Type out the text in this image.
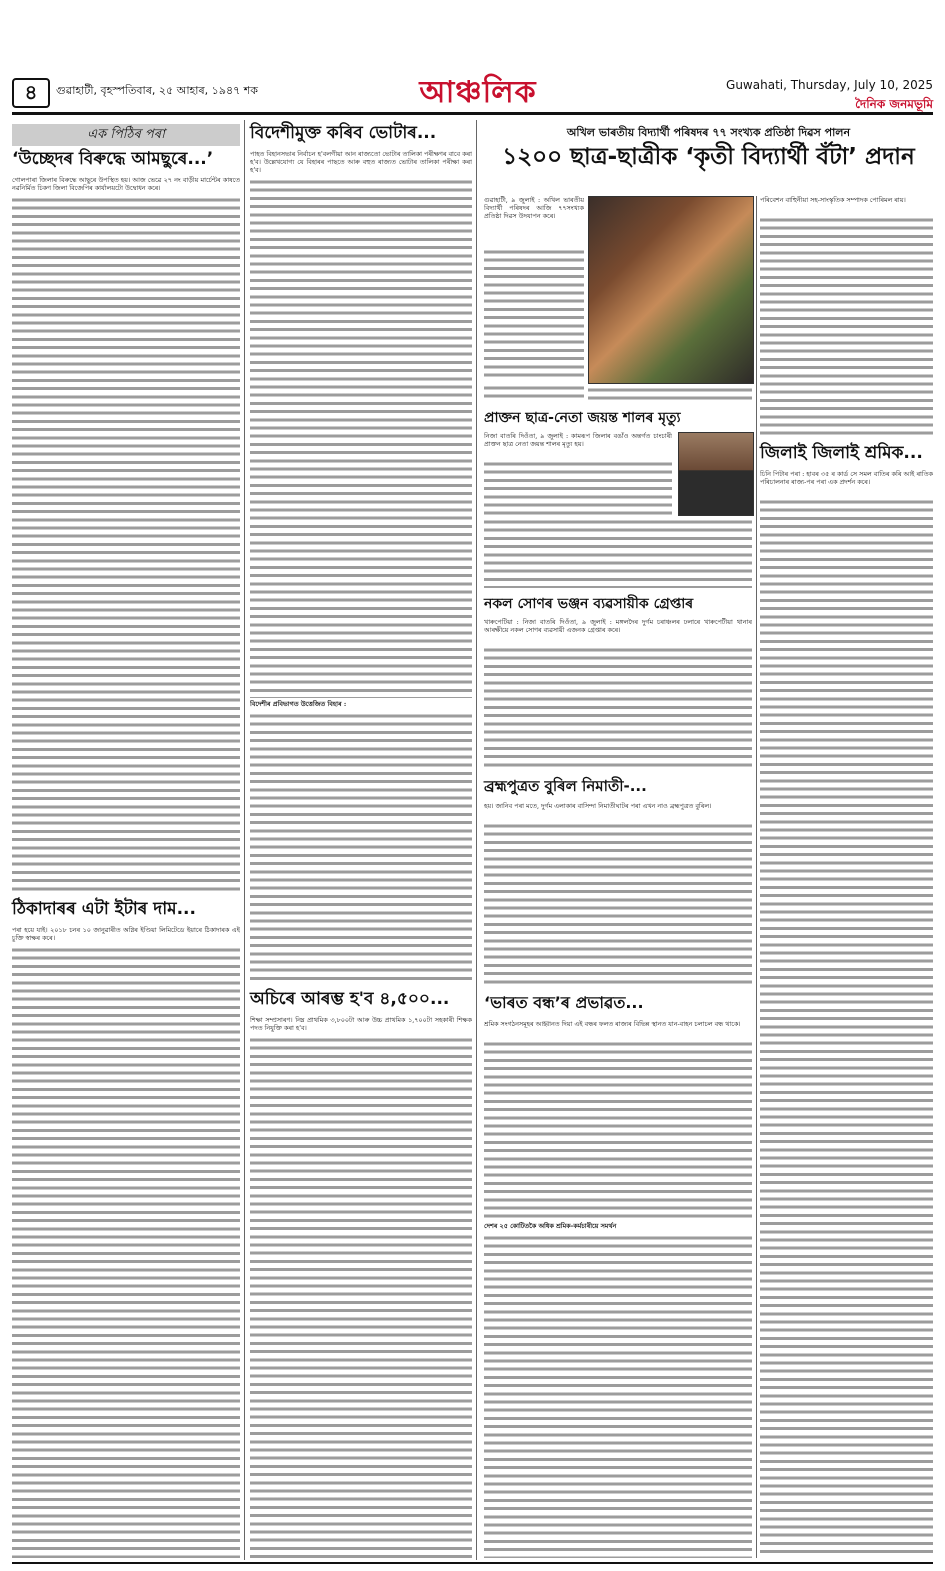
৪	গুৱাহাটী, বৃহস্পতিবাৰ, ২৫ আহাৰ, ১৯৪৭ শক	আঞ্চলিক	Guwahati, Thursday, July 10, 2025
দৈনিক জনমভূমি
এক পিঠিৰ পৰা
‘উচ্ছেদৰ বিৰুদ্ধে আমছুৰে...’
গোলপাৰা জিলাৰ বিৰুদ্ধে আছুৰে উপস্থিত হয়। আজ ভেৱে ২৭ নং বাড়ীয় মাৰ্চেন্টৰ কাষতে নৱনিৰ্মিত চিকণ জিলা বিজেপিৰ কাৰ্যালয়টো উদ্বোধন কৰে।
ঠিকাদাৰৰ এটা ইটাৰ দাম...
পৰা হয়ে যাই। ২০১৮ চনৰ ১০ জানুৱাৰীত অগ্নিৰ ইণ্ডিয়া লিমিটেডে ইয়াৰে ঠিকাদাৰক এই চুক্তি স্বাক্ষৰ কৰে।
বিদেশীমুক্ত কৰিব ভোটাৰ...
পাহত বিহানসভাৰ নিৰ্বাচন হ'বলগীয়া আন ৰাজ্যতো ভোটাৰ তালিকা পৰীক্ষণৰ বাবে কৰা হ'ব। উল্লেখযোগ্য যে বিহাৰৰ পাছতে আৰু বহুত ৰাজ্যত ভোটাৰ তালিকা পৰীক্ষা কৰা হ'ব।
বিদেশীৰ প্ৰবিভাগত উত্তেজিত বিহাৰ :
অচিৰে আৰম্ভ হ'ব ৪,৫০০...
শিক্ষা সম্প্ৰসাৰণ। নিম্ন প্ৰাথমিক ৩,৮০০টা আৰু উচ্চ প্ৰাথমিক ১,৭০০টা সহকাৰী শিক্ষক পদত নিযুক্তি কৰা হ'ব।
অখিল ভাৰতীয় বিদ্যাৰ্থী পৰিষদৰ ৭৭ সংখ্যক প্ৰতিষ্ঠা দিৱস পালন
১২০০ ছাত্ৰ-ছাত্ৰীক ‘কৃতী বিদ্যাৰ্থী বঁটা’ প্ৰদান
গুৱাহাটী, ৯ জুলাই : অখিল ভাৰতীয় বিদ্যাৰ্থী পৰিষদৰ আজি ৭৭সংখ্যক প্ৰতিষ্ঠা দিৱস উদযাপন কৰে।
প্ৰাক্তন ছাত্ৰ-নেতা জয়ন্ত শালৰ মৃত্যু
নিজা বাতৰি দিওঁতা, ৯ জুলাই : কামৰূপ জিলাৰ বঙাঁও অন্তৰ্গত চাংচাৰী প্ৰাক্তন ছাত্ৰ নেতা জয়ন্ত শালৰ মৃত্যু হয়।
নকল সোণৰ ভঞ্জন ব্যৱসায়ীক গ্ৰেপ্তাৰ
খাৰুপেটিয়া : নিজা বাতৰি দিওঁতা, ৯ জুলাই : মঙ্গলদৈৰ দুৰ্গম চৰাঞ্চলৰ ঢলাৰে খাৰুপেটীয়া থানাৰ আৰক্ষীয়ে নকল সোণৰ ব্যৱসায়ী এজনক গ্ৰেপ্তাৰ কৰে।
ব্ৰহ্মপুত্ৰত বুৰিল নিমাতী-...
হয়। জানিব পৰা মতে, দুৰ্গম এলাকাৰ বাসিন্দা নিমাতীঘাটৰ পৰা এখন নাও ব্ৰহ্মপুত্ৰত বুৰিল।
‘ভাৰত বন্ধ’ৰ প্ৰভাৱত...
শ্ৰমিক সংগঠনসমূহৰ আহ্বানত দিয়া এই বন্ধৰ ফলত ৰাজ্যৰ বিভিন্ন স্থানত যান-বাহন চলাচল বন্ধ থাকে।
দেশৰ ২৫ কোটিতকৈ অধিক শ্ৰমিক-কৰ্মচাৰীয়ে সমৰ্থন
পৰিবেশন বাহুিনীয়া সহ-সাংস্কৃতিক সম্পাদক পোৰিমল ৰায়।
জিলাই জিলাই শ্ৰমিক...
চিনি পিটাৰ পৰা : হাবৰ ৩৫ ৰ কাৰ্ড সে সমল বাতিৰ কৰি আই ৰাতিক পৰিচালনাৰ ৰাজ্য-পৰ পৰা এক প্ৰদৰ্শন কৰে।
